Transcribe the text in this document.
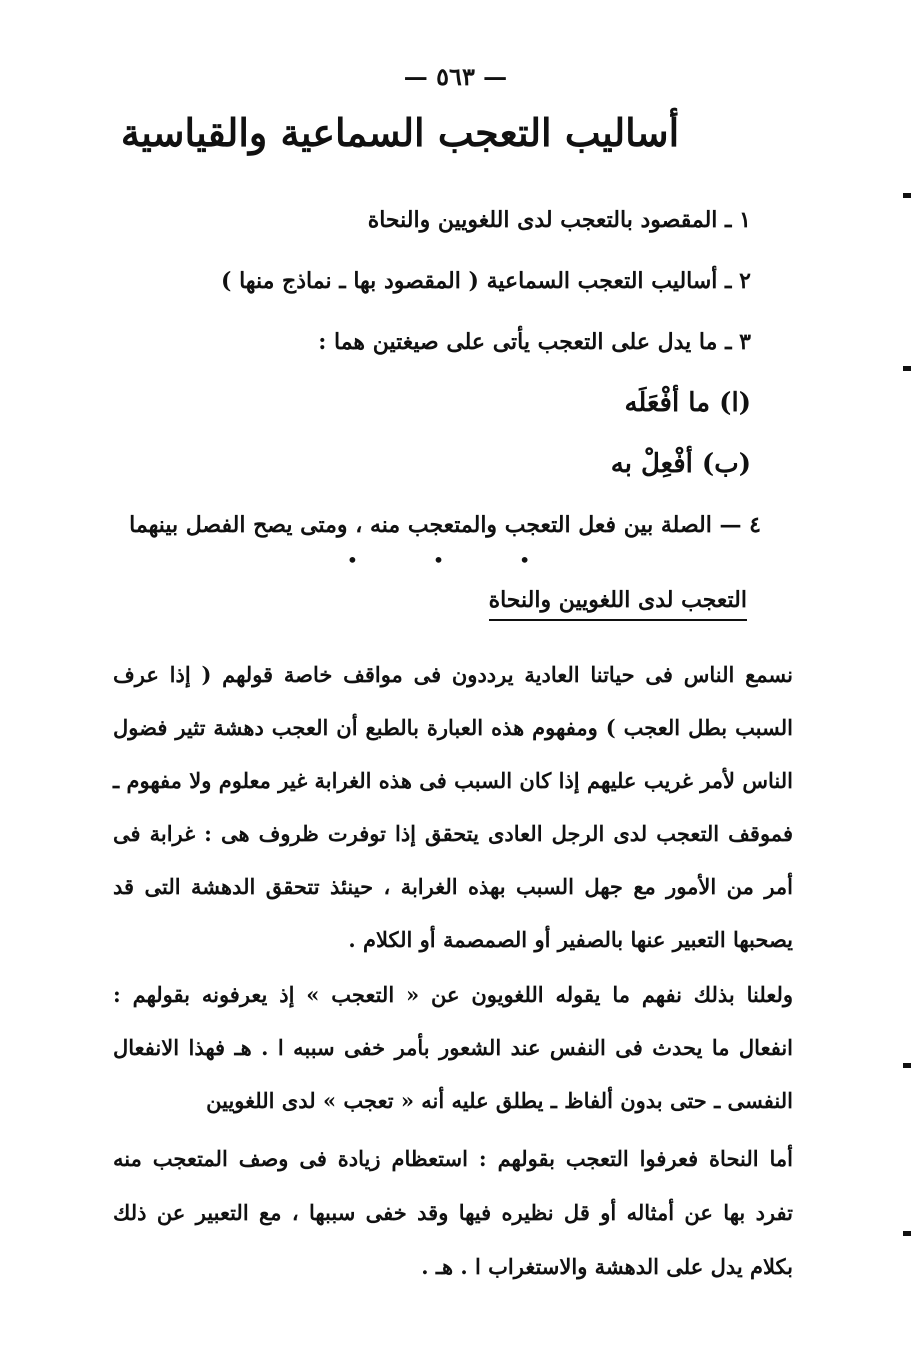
— ٥٦٣ —
أساليب التعجب السماعية والقياسية
١ ـ المقصود بالتعجب لدى اللغويين والنحاة
٢ ـ أساليب التعجب السماعية ( المقصود بها ـ نماذج منها )
٣ ـ ما يدل على التعجب يأتى على صيغتين هما :
(ا) ما أفْعَلَه
(ب) أفْعِلْ به
٤ — الصلة بين فعل التعجب والمتعجب منه ، ومتى يصح الفصل بينهما
• • •
التعجب لدى اللغويين والنحاة

نسمع الناس فى حياتنا العادية يرددون فى مواقف خاصة قولهم ( إذا عرف السبب بطل العجب ) ومفهوم هذه العبارة بالطبع أن العجب دهشة تثير فضول الناس لأمر غريب عليهم إذا كان السبب فى هذه الغرابة غير معلوم ولا مفهوم ـ فموقف التعجب لدى الرجل العادى يتحقق إذا توفرت ظروف هى : غرابة فى أمر من الأمور مع جهل السبب بهذه الغرابة ، حينئذ تتحقق الدهشة التى قد يصحبها التعبير عنها بالصفير أو الصمصمة أو الكلام .

ولعلنا بذلك نفهم ما يقوله اللغويون عن « التعجب » إذ يعرفونه بقولهم : انفعال ما يحدث فى النفس عند الشعور بأمر خفى سببه ا . هـ فهذا الانفعال النفسى ـ حتى بدون ألفاظ ـ يطلق عليه أنه « تعجب » لدى اللغويين

أما النحاة فعرفوا التعجب بقولهم : استعظام زيادة فى وصف المتعجب منه تفرد بها عن أمثاله أو قل نظيره فيها وقد خفى سببها ، مع التعبير عن ذلك بكلام يدل على الدهشة والاستغراب ا . هـ .
